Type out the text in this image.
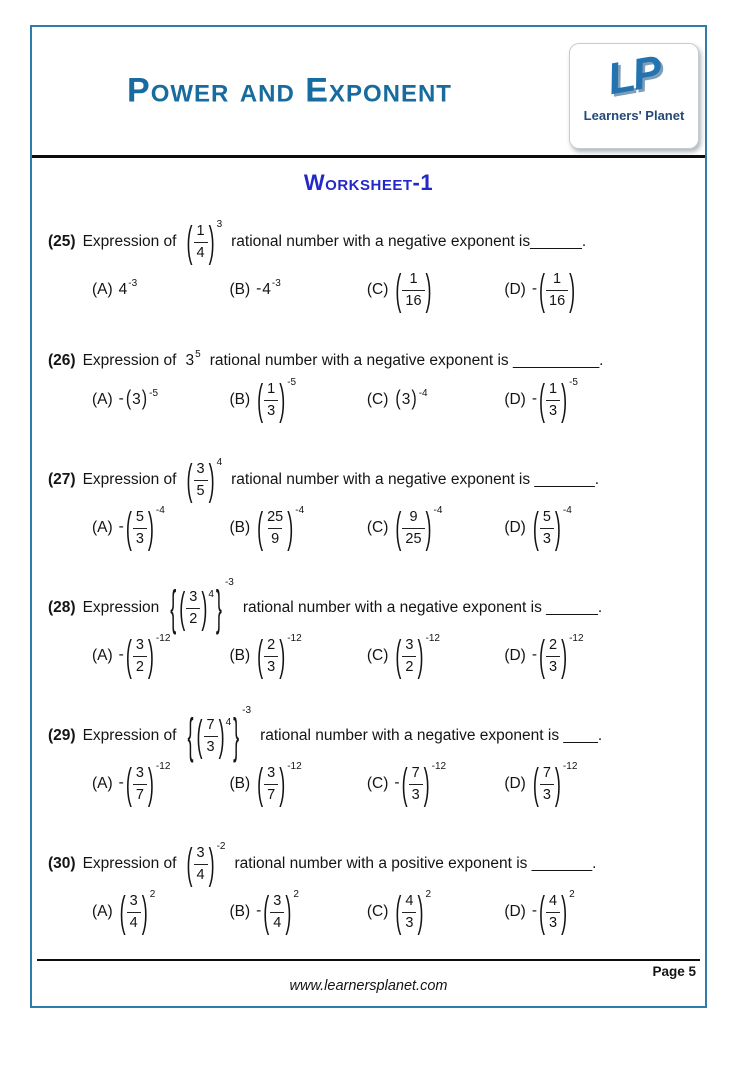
Power and Exponent	LP
Learners' Planet
Worksheet-1
(25) Expression of ( $\frac{1}{4} )^3$
rational number with a negative exponent is______.
(A) $4^{-3}$	$(B) - 4^{-3}$	(C) ( $\frac{1}{16}$ )	(D) - ( $\frac{1}{16}$ )
(26) Expression of $3^5$ rational number with a negative exponent is __________.
(A) - ( 3 )$^{-5}$	(B) ( $\frac{1}{3} )^{-5}$
(C) ( 3 )$^{-4}$	(D) - ( $\frac{1}{3} )^{-5}$
(27) Expression of ( $\frac{3}{5} )^4$
rational number with a negative exponent is _______.
(A) - ( $\frac{5}{3} )^{-4}$
(B) ( $\frac{25}{9} )^{-4}$
(C) ( $\frac{9}{25} )^{-4}$
(D) ( $\frac{5}{3} )^{-4}$
(28) Expression { ( $\frac{3}{2} )^4$ } $^{-3}$
rational number with a negative exponent is ______.
(A) - ( $\frac{3}{2} )^{-12}$
(B) ( $\frac{2}{3} )^{-12}$
(C) ( $\frac{3}{2} )^{-12}$
(D) - ( $\frac{2}{3} )^{-12}$
(29) Expression of { ( $\frac{7}{3} )^4$ } $^{-3}$
rational number with a negative exponent is ____.
(A) - ( $\frac{3}{7} )^{-12}$
(B) ( $\frac{3}{7} )^{-12}$
(C) - ( $\frac{7}{3} )^{-12}$
(D) ( $\frac{7}{3} )^{-12}$
(30) Expression of ( $\frac{3}{4} )^{-2}$
rational number with a positive exponent is _______.
(A) ( $\frac{3}{4} )^2$
(B) - ( $\frac{3}{4} )^2$
(C) ( $\frac{4}{3} )^2$
(D) - ( $\frac{4}{3} )^2$
Page 5
www.learnersplanet.com
